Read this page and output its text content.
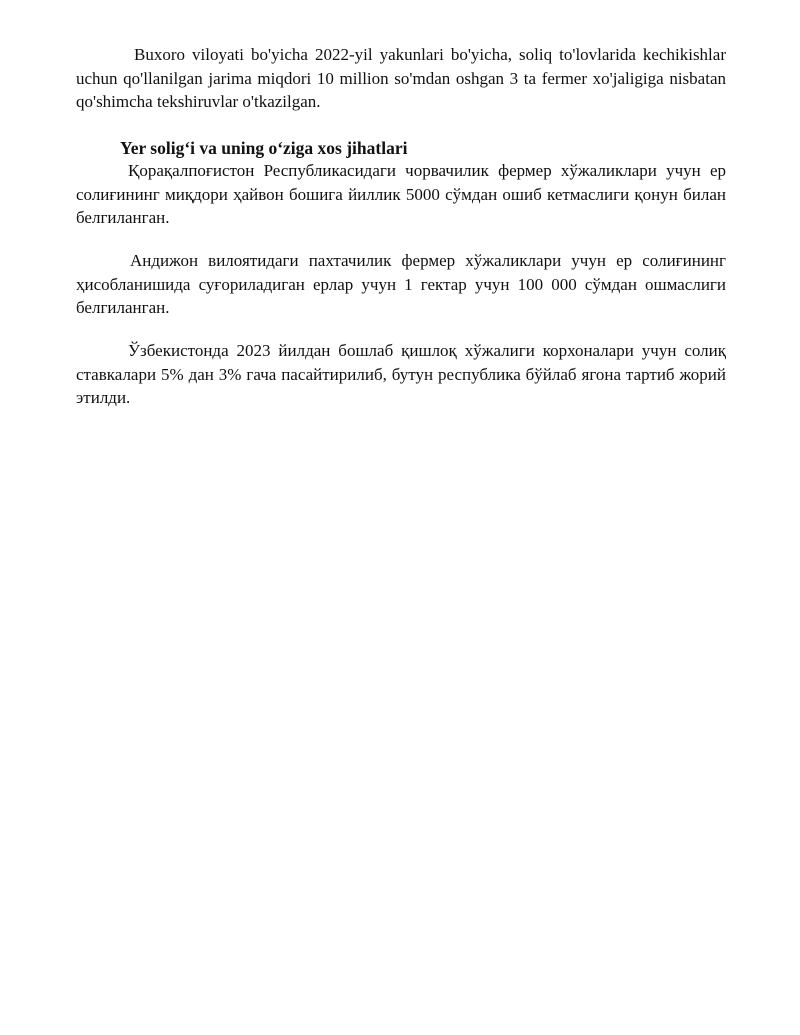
Buxoro viloyati bo'yicha 2022-yil yakunlari bo'yicha, soliq to'lovlarida kechikishlar uchun qo'llanilgan jarima miqdori 10 million so'mdan oshgan 3 ta fermer xo'jaligiga nisbatan qo'shimcha tekshiruvlar o'tkazilgan.

Yer solig‘i va uning o‘ziga xos jihatlari

Қорақалпоғистон Республикасидаги чорвачилик фермер хўжаликлари учун ер солиғининг миқдори ҳайвон бошига йиллик 5000 сўмдан ошиб кетмаслиги қонун билан белгиланган.

Андижон вилоятидаги пахтачилик фермер хўжаликлари учун ер солиғининг ҳисобланишида суғориладиган ерлар учун 1 гектар учун 100 000 сўмдан ошмаслиги белгиланган.

Ўзбекистонда 2023 йилдан бошлаб қишлоқ хўжалиги корхоналари учун солиқ ставкалари 5% дан 3% гача пасайтирилиб, бутун республика бўйлаб ягона тартиб жорий этилди.
